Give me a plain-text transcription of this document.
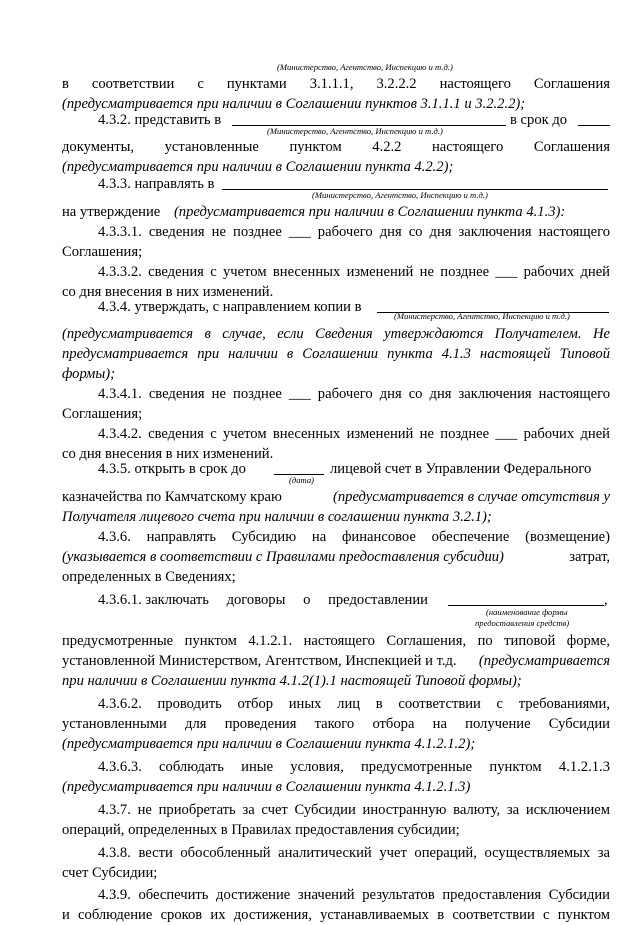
(Министерство, Агентство, Инспекцию и т.д.)
в соответствии с пунктами 3.1.1.1, 3.2.2.2 настоящего Соглашения
(предусматривается при наличии в Соглашении пунктов 3.1.1.1 и 3.2.2.2);
4.3.2. представить в	в срок до
(Министерство, Агентство, Инспекцию и т.д.)
документы, установленные пунктом 4.2.2 настоящего Соглашения
(предусматривается при наличии в Соглашении пункта 4.2.2);
4.3.3. направлять в
(Министерство, Агентство, Инспекцию и т.д.)
на утверждение (предусматривается при наличии в Соглашении пункта 4.1.3):
4.3.3.1. сведения не позднее ___ рабочего дня со дня заключения настоящего
Соглашения;
4.3.3.2. сведения с учетом внесенных изменений не позднее ___ рабочих дней
со дня внесения в них изменений.
4.3.4. утверждать, с направлением копии в
(Министерство, Агентство, Инспекцию и т.д.)
(предусматривается в случае, если Сведения утверждаются Получателем. Не
предусматривается при наличии в Соглашении пункта 4.1.3 настоящей Типовой
формы);
4.3.4.1. сведения не позднее ___ рабочего дня со дня заключения настоящего
Соглашения;
4.3.4.2. сведения с учетом внесенных изменений не позднее ___ рабочих дней
со дня внесения в них изменений.
4.3.5. открыть в срок до	лицевой счет в Управлении Федерального
(дата)
казначейства по Камчатскому краю	(предусматривается в случае отсутствия у
Получателя лицевого счета при наличии в соглашении пункта 3.2.1);
4.3.6. направлять Субсидию на финансовое обеспечение (возмещение)
(указывается в соответствии с Правилами предоставления субсидии)	затрат,
определенных в Сведениях;
4.3.6.1. заключать договоры о предоставлении	,
(наименование формы
предоставления средств)
предусмотренные пунктом 4.1.2.1. настоящего Соглашения, по типовой форме,
установленной Министерством, Агентством, Инспекцией и т.д. (предусматривается
при наличии в Соглашении пункта 4.1.2(1).1 настоящей Типовой формы);
4.3.6.2. проводить отбор иных лиц в соответствии с требованиями,
установленными для проведения такого отбора на получение Субсидии
(предусматривается при наличии в Соглашении пункта 4.1.2.1.2);
4.3.6.3. соблюдать иные условия, предусмотренные пунктом 4.1.2.1.3
(предусматривается при наличии в Соглашении пункта 4.1.2.1.3)
4.3.7. не приобретать за счет Субсидии иностранную валюту, за исключением
операций, определенных в Правилах предоставления субсидии;
4.3.8. вести обособленный аналитический учет операций, осуществляемых за
счет Субсидии;
4.3.9. обеспечить достижение значений результатов предоставления Субсидии
и соблюдение сроков их достижения, устанавливаемых в соответствии с пунктом
